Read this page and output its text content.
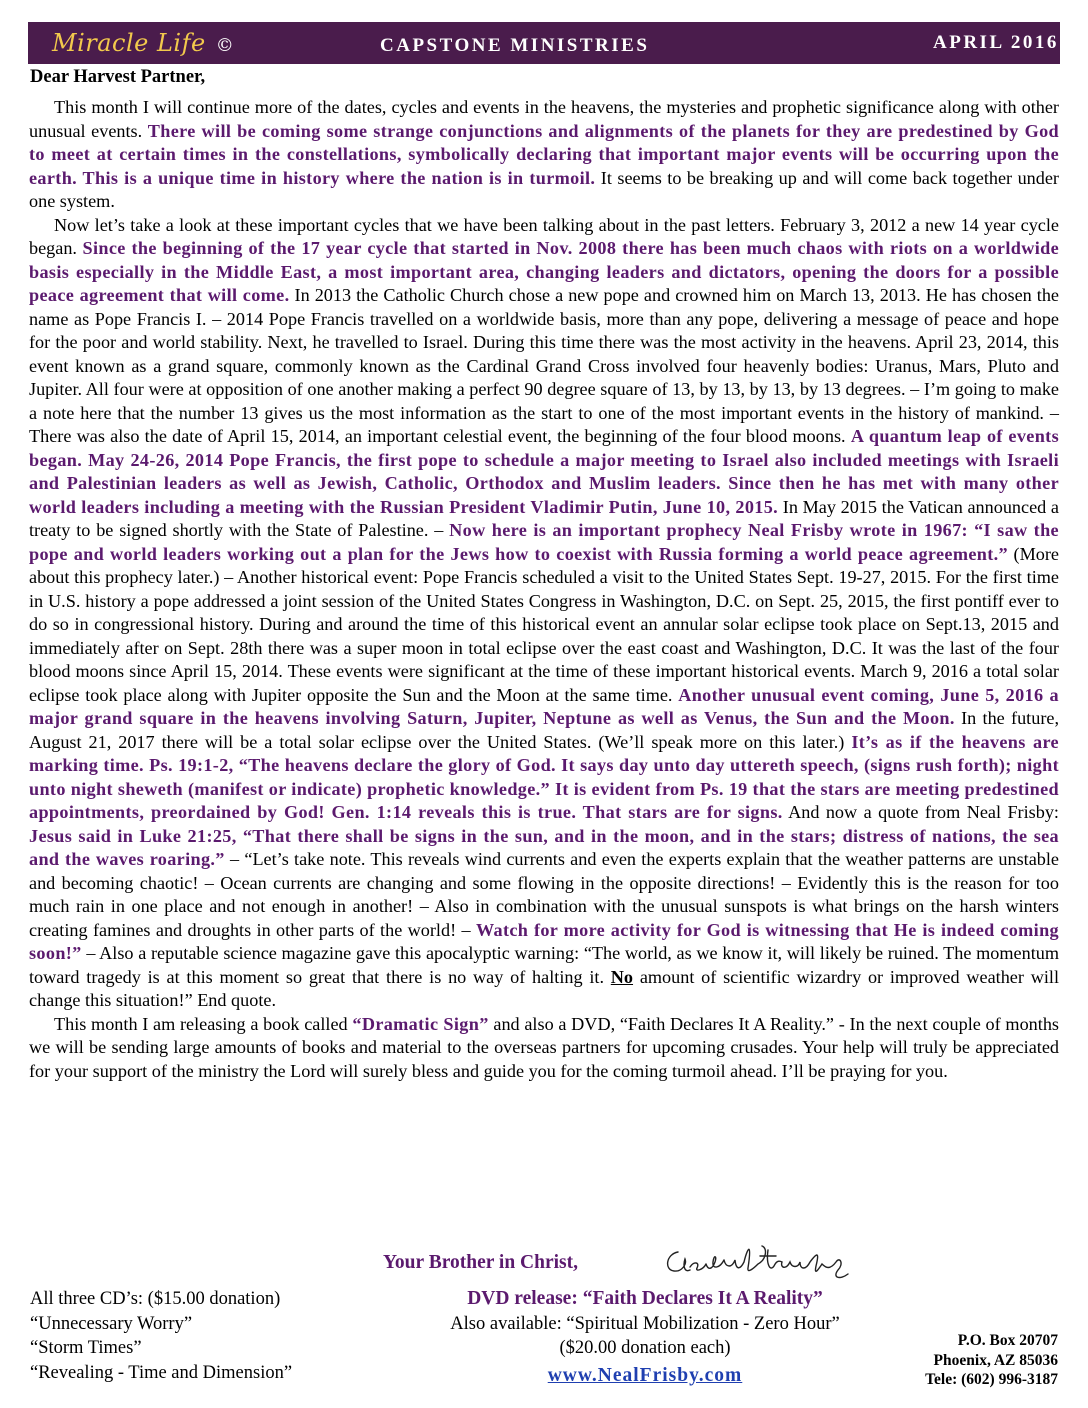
Miracle Life ©	CAPSTONE MINISTRIES	APRIL 2016
Dear Harvest Partner,

This month I will continue more of the dates, cycles and events in the heavens, the mysteries and prophetic significance along with other unusual events. There will be coming some strange conjunctions and alignments of the planets for they are predestined by God to meet at certain times in the constellations, symbolically declaring that important major events will be occurring upon the earth. This is a unique time in history where the nation is in turmoil. It seems to be breaking up and will come back together under one system.

Now let’s take a look at these important cycles that we have been talking about in the past letters. February 3, 2012 a new 14 year cycle began. Since the beginning of the 17 year cycle that started in Nov. 2008 there has been much chaos with riots on a worldwide basis especially in the Middle East, a most important area, changing leaders and dictators, opening the doors for a possible peace agreement that will come. In 2013 the Catholic Church chose a new pope and crowned him on March 13, 2013. He has chosen the name as Pope Francis I. – 2014 Pope Francis travelled on a worldwide basis, more than any pope, delivering a message of peace and hope for the poor and world stability. Next, he travelled to Israel. During this time there was the most activity in the heavens. April 23, 2014, this event known as a grand square, commonly known as the Cardinal Grand Cross involved four heavenly bodies: Uranus, Mars, Pluto and Jupiter. All four were at opposition of one another making a perfect 90 degree square of 13, by 13, by 13, by 13 degrees. – I’m going to make a note here that the number 13 gives us the most information as the start to one of the most important events in the history of mankind. – There was also the date of April 15, 2014, an important celestial event, the beginning of the four blood moons. A quantum leap of events began. May 24-26, 2014 Pope Francis, the first pope to schedule a major meeting to Israel also included meetings with Israeli and Palestinian leaders as well as Jewish, Catholic, Orthodox and Muslim leaders. Since then he has met with many other world leaders including a meeting with the Russian President Vladimir Putin, June 10, 2015. In May 2015 the Vatican announced a treaty to be signed shortly with the State of Palestine. – Now here is an important prophecy Neal Frisby wrote in 1967: “I saw the pope and world leaders working out a plan for the Jews how to coexist with Russia forming a world peace agreement.” (More about this prophecy later.) – Another historical event: Pope Francis scheduled a visit to the United States Sept. 19-27, 2015. For the first time in U.S. history a pope addressed a joint session of the United States Congress in Washington, D.C. on Sept. 25, 2015, the first pontiff ever to do so in congressional history. During and around the time of this historical event an annular solar eclipse took place on Sept.13, 2015 and immediately after on Sept. 28th there was a super moon in total eclipse over the east coast and Washington, D.C. It was the last of the four blood moons since April 15, 2014. These events were significant at the time of these important historical events. March 9, 2016 a total solar eclipse took place along with Jupiter opposite the Sun and the Moon at the same time. Another unusual event coming, June 5, 2016 a major grand square in the heavens involving Saturn, Jupiter, Neptune as well as Venus, the Sun and the Moon. In the future, August 21, 2017 there will be a total solar eclipse over the United States. (We’ll speak more on this later.) It’s as if the heavens are marking time. Ps. 19:1-2, “The heavens declare the glory of God. It says day unto day uttereth speech, (signs rush forth); night unto night sheweth (manifest or indicate) prophetic knowledge.” It is evident from Ps. 19 that the stars are meeting predestined appointments, preordained by God! Gen. 1:14 reveals this is true. That stars are for signs. And now a quote from Neal Frisby: Jesus said in Luke 21:25, “That there shall be signs in the sun, and in the moon, and in the stars; distress of nations, the sea and the waves roaring.” – “Let’s take note. This reveals wind currents and even the experts explain that the weather patterns are unstable and becoming chaotic! – Ocean currents are changing and some flowing in the opposite directions! – Evidently this is the reason for too much rain in one place and not enough in another! – Also in combination with the unusual sunspots is what brings on the harsh winters creating famines and droughts in other parts of the world! – Watch for more activity for God is witnessing that He is indeed coming soon!” – Also a reputable science magazine gave this apocalyptic warning: “The world, as we know it, will likely be ruined. The momentum toward tragedy is at this moment so great that there is no way of halting it. No amount of scientific wizardry or improved weather will change this situation!” End quote.

This month I am releasing a book called “Dramatic Sign” and also a DVD, “Faith Declares It A Reality.” - In the next couple of months we will be sending large amounts of books and material to the overseas partners for upcoming crusades. Your help will truly be appreciated for your support of the ministry the Lord will surely bless and guide you for the coming turmoil ahead. I’ll be praying for you.

Your Brother in Christ,
All three CD’s: ($15.00 donation)
“Unnecessary Worry”
“Storm Times”
“Revealing - Time and Dimension”
DVD release: “Faith Declares It A Reality”
Also available: “Spiritual Mobilization - Zero Hour”
($20.00 donation each)
www.NealFrisby.com
P.O. Box 20707
Phoenix, AZ 85036
Tele: (602) 996-3187
